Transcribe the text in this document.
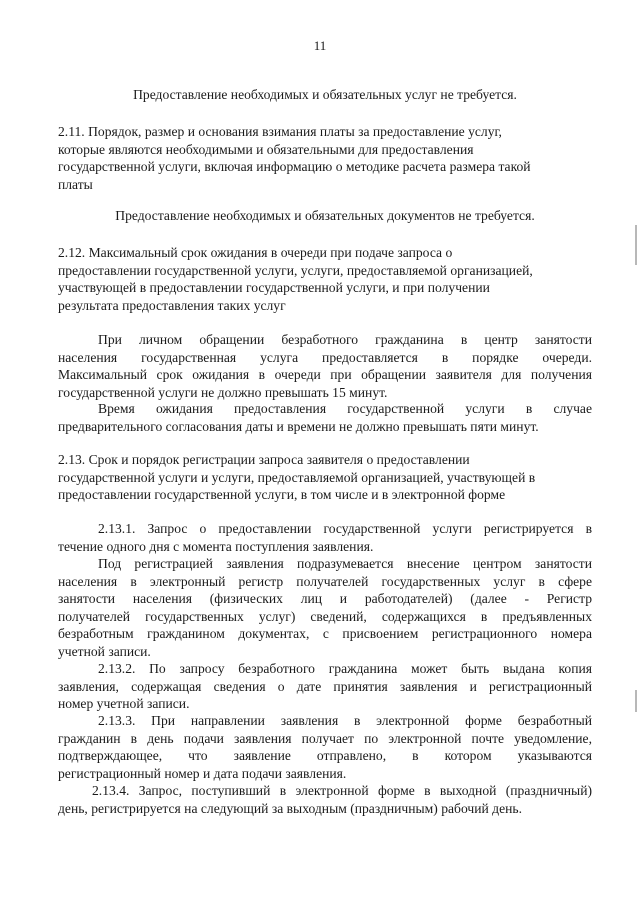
11
Предоставление необходимых и обязательных услуг не требуется.
2.11. Порядок, размер и основания взимания платы за предоставление услуг,
которые являются необходимыми и обязательными для предоставления
государственной услуги, включая информацию о методике расчета размера такой
платы
Предоставление необходимых и обязательных документов не требуется.
2.12. Максимальный срок ожидания в очереди при подаче запроса о
предоставлении государственной услуги, услуги, предоставляемой организацией,
участвующей в предоставлении государственной услуги, и при получении
результата предоставления таких услуг
При личном обращении безработного гражданина в центр занятости
населения государственная услуга предоставляется в порядке очереди.
Максимальный срок ожидания в очереди при обращении заявителя для получения
государственной услуги не должно превышать 15 минут.
Время ожидания предоставления государственной услуги в случае
предварительного согласования даты и времени не должно превышать пяти минут.
2.13. Срок и порядок регистрации запроса заявителя о предоставлении
государственной услуги и услуги, предоставляемой организацией, участвующей в
предоставлении государственной услуги, в том числе и в электронной форме
2.13.1. Запрос о предоставлении государственной услуги регистрируется в
течение одного дня с момента поступления заявления.
Под регистрацией заявления подразумевается внесение центром занятости
населения в электронный регистр получателей государственных услуг в сфере
занятости населения (физических лиц и работодателей) (далее - Регистр
получателей государственных услуг) сведений, содержащихся в предъявленных
безработным гражданином документах, с присвоением регистрационного номера
учетной записи.
2.13.2. По запросу безработного гражданина может быть выдана копия
заявления, содержащая сведения о дате принятия заявления и регистрационный
номер учетной записи.
2.13.3. При направлении заявления в электронной форме безработный
гражданин в день подачи заявления получает по электронной почте уведомление,
подтверждающее, что заявление отправлено, в котором указываются
регистрационный номер и дата подачи заявления.
2.13.4. Запрос, поступивший в электронной форме в выходной (праздничный)
день, регистрируется на следующий за выходным (праздничным) рабочий день.
